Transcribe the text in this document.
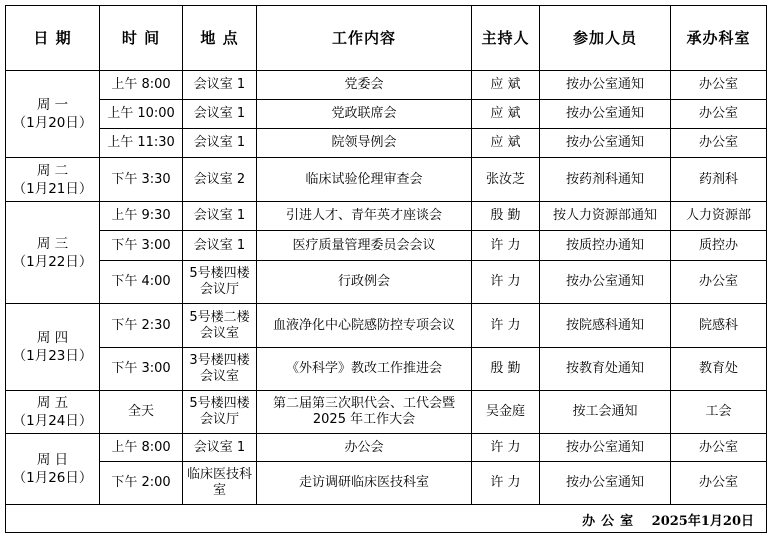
日 期	时 间	地 点	工作内容	主持人	参加人员	承办科室

周 一
（1月20日）	上午 8:00	会议室 1	党委会	应 斌	按办公室通知	办公室
	上午 10:00	会议室 1	党政联席会	应 斌	按办公室通知	办公室
	上午 11:30	会议室 1	院领导例会	应 斌	按办公室通知	办公室

周 二
（1月21日）	下午 3:30	会议室 2	临床试验伦理审查会	张汝芝	按药剂科通知	药剂科

周 三
（1月22日）	上午 9:30	会议室 1	引进人才、青年英才座谈会	殷 勤	按人力资源部通知	人力资源部
	下午 3:00	会议室 1	医疗质量管理委员会会议	许 力	按质控办通知	质控办
	下午 4:00	5号楼四楼会议厅	行政例会	许 力	按办公室通知	办公室

周 四
（1月23日）	下午 2:30	5号楼二楼会议室	血液净化中心院感防控专项会议	许 力	按院感科通知	院感科
	下午 3:00	3号楼四楼会议室	《外科学》教改工作推进会	殷 勤	按教育处通知	教育处

周 五
（1月24日）	全天	5号楼四楼会议厅	第二届第三次职代会、工代会暨 2025 年工作大会	吴金庭	按工会通知	工会

周 日
（1月26日）	上午 8:00	会议室 1	办公会	许 力	按办公室通知	办公室
	下午 2:00	临床医技科室	走访调研临床医技科室	许 力	按办公室通知	办公室
办公室 2025年1月20日
